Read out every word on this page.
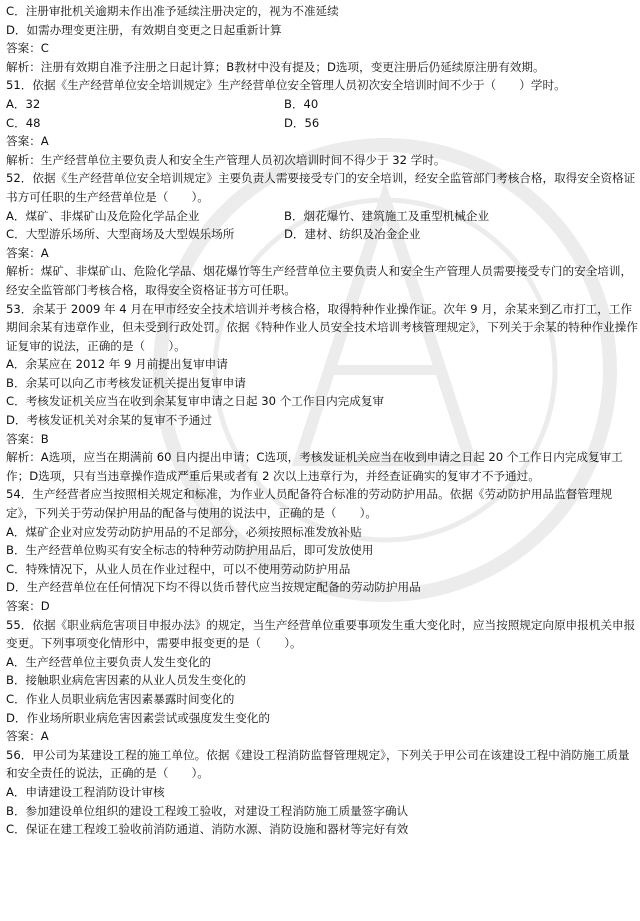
C．注册审批机关逾期未作出准予延续注册决定的，视为不准延续
D．如需办理变更注册，有效期自变更之日起重新计算
答案：C
解析：注册有效期自准予注册之日起计算；B教材中没有提及；D选项，变更注册后仍延续原注册有效期。
51．依据《生产经营单位安全培训规定》生产经营单位安全管理人员初次安全培训时间不少于（　　）学时。
A．32	B．40
C．48	D．56
答案：A
解析：生产经营单位主要负责人和安全生产管理人员初次培训时间不得少于 32 学时。
52．依据《生产经营单位安全培训规定》主要负责人需要接受专门的安全培训，经安全监管部门考核合格，取得安全资格证书方可任职的生产经营单位是（　　）。
A．煤矿、非煤矿山及危险化学品企业	B．烟花爆竹、建筑施工及重型机械企业
C．大型游乐场所、大型商场及大型娱乐场所	D．建材、纺织及冶金企业
答案：A
解析：煤矿、非煤矿山、危险化学品、烟花爆竹等生产经营单位主要负责人和安全生产管理人员需要接受专门的安全培训，经安全监管部门考核合格，取得安全资格证书方可任职。
53．余某于 2009 年 4 月在甲市经安全技术培训并考核合格，取得特种作业操作证。次年 9 月，余某来到乙市打工，工作期间余某有违章作业，但未受到行政处罚。依据《特种作业人员安全技术培训考核管理规定》，下列关于余某的特种作业操作证复审的说法，正确的是（　　）。
A．余某应在 2012 年 9 月前提出复审申请
B．余某可以向乙市考核发证机关提出复审申请
C．考核发证机关应当在收到余某复审申请之日起 30 个工作日内完成复审
D．考核发证机关对余某的复审不予通过
答案：B
解析：A选项，应当在期满前 60 日内提出申请；C选项，考核发证机关应当在收到申请之日起 20 个工作日内完成复审工作；D选项，只有当违章操作造成严重后果或者有 2 次以上违章行为，并经查证确实的复审才不予通过。
54．生产经营者应当按照相关规定和标准，为作业人员配备符合标准的劳动防护用品。依据《劳动防护用品监督管理规定》，下列关于劳动保护用品的配备与使用的说法中，正确的是（　　）。
A．煤矿企业对应发劳动防护用品的不足部分，必须按照标准发放补贴
B．生产经营单位购买有安全标志的特种劳动防护用品后，即可发放使用
C．特殊情况下，从业人员在作业过程中，可以不使用劳动防护用品
D．生产经营单位在任何情况下均不得以货币替代应当按规定配备的劳动防护用品
答案：D
55．依据《职业病危害项目申报办法》的规定，当生产经营单位重要事项发生重大变化时，应当按照规定向原申报机关申报变更。下列事项变化情形中，需要申报变更的是（　　）。
A．生产经营单位主要负责人发生变化的
B．接触职业病危害因素的从业人员发生变化的
C．作业人员职业病危害因素暴露时间变化的
D．作业场所职业病危害因素尝试或强度发生变化的
答案：A
56．甲公司为某建设工程的施工单位。依据《建设工程消防监督管理规定》，下列关于甲公司在该建设工程中消防施工质量和安全责任的说法，正确的是（　　）。
A．申请建设工程消防设计审核
B．参加建设单位组织的建设工程竣工验收，对建设工程消防施工质量签字确认
C．保证在建工程竣工验收前消防通道、消防水源、消防设施和器材等完好有效
